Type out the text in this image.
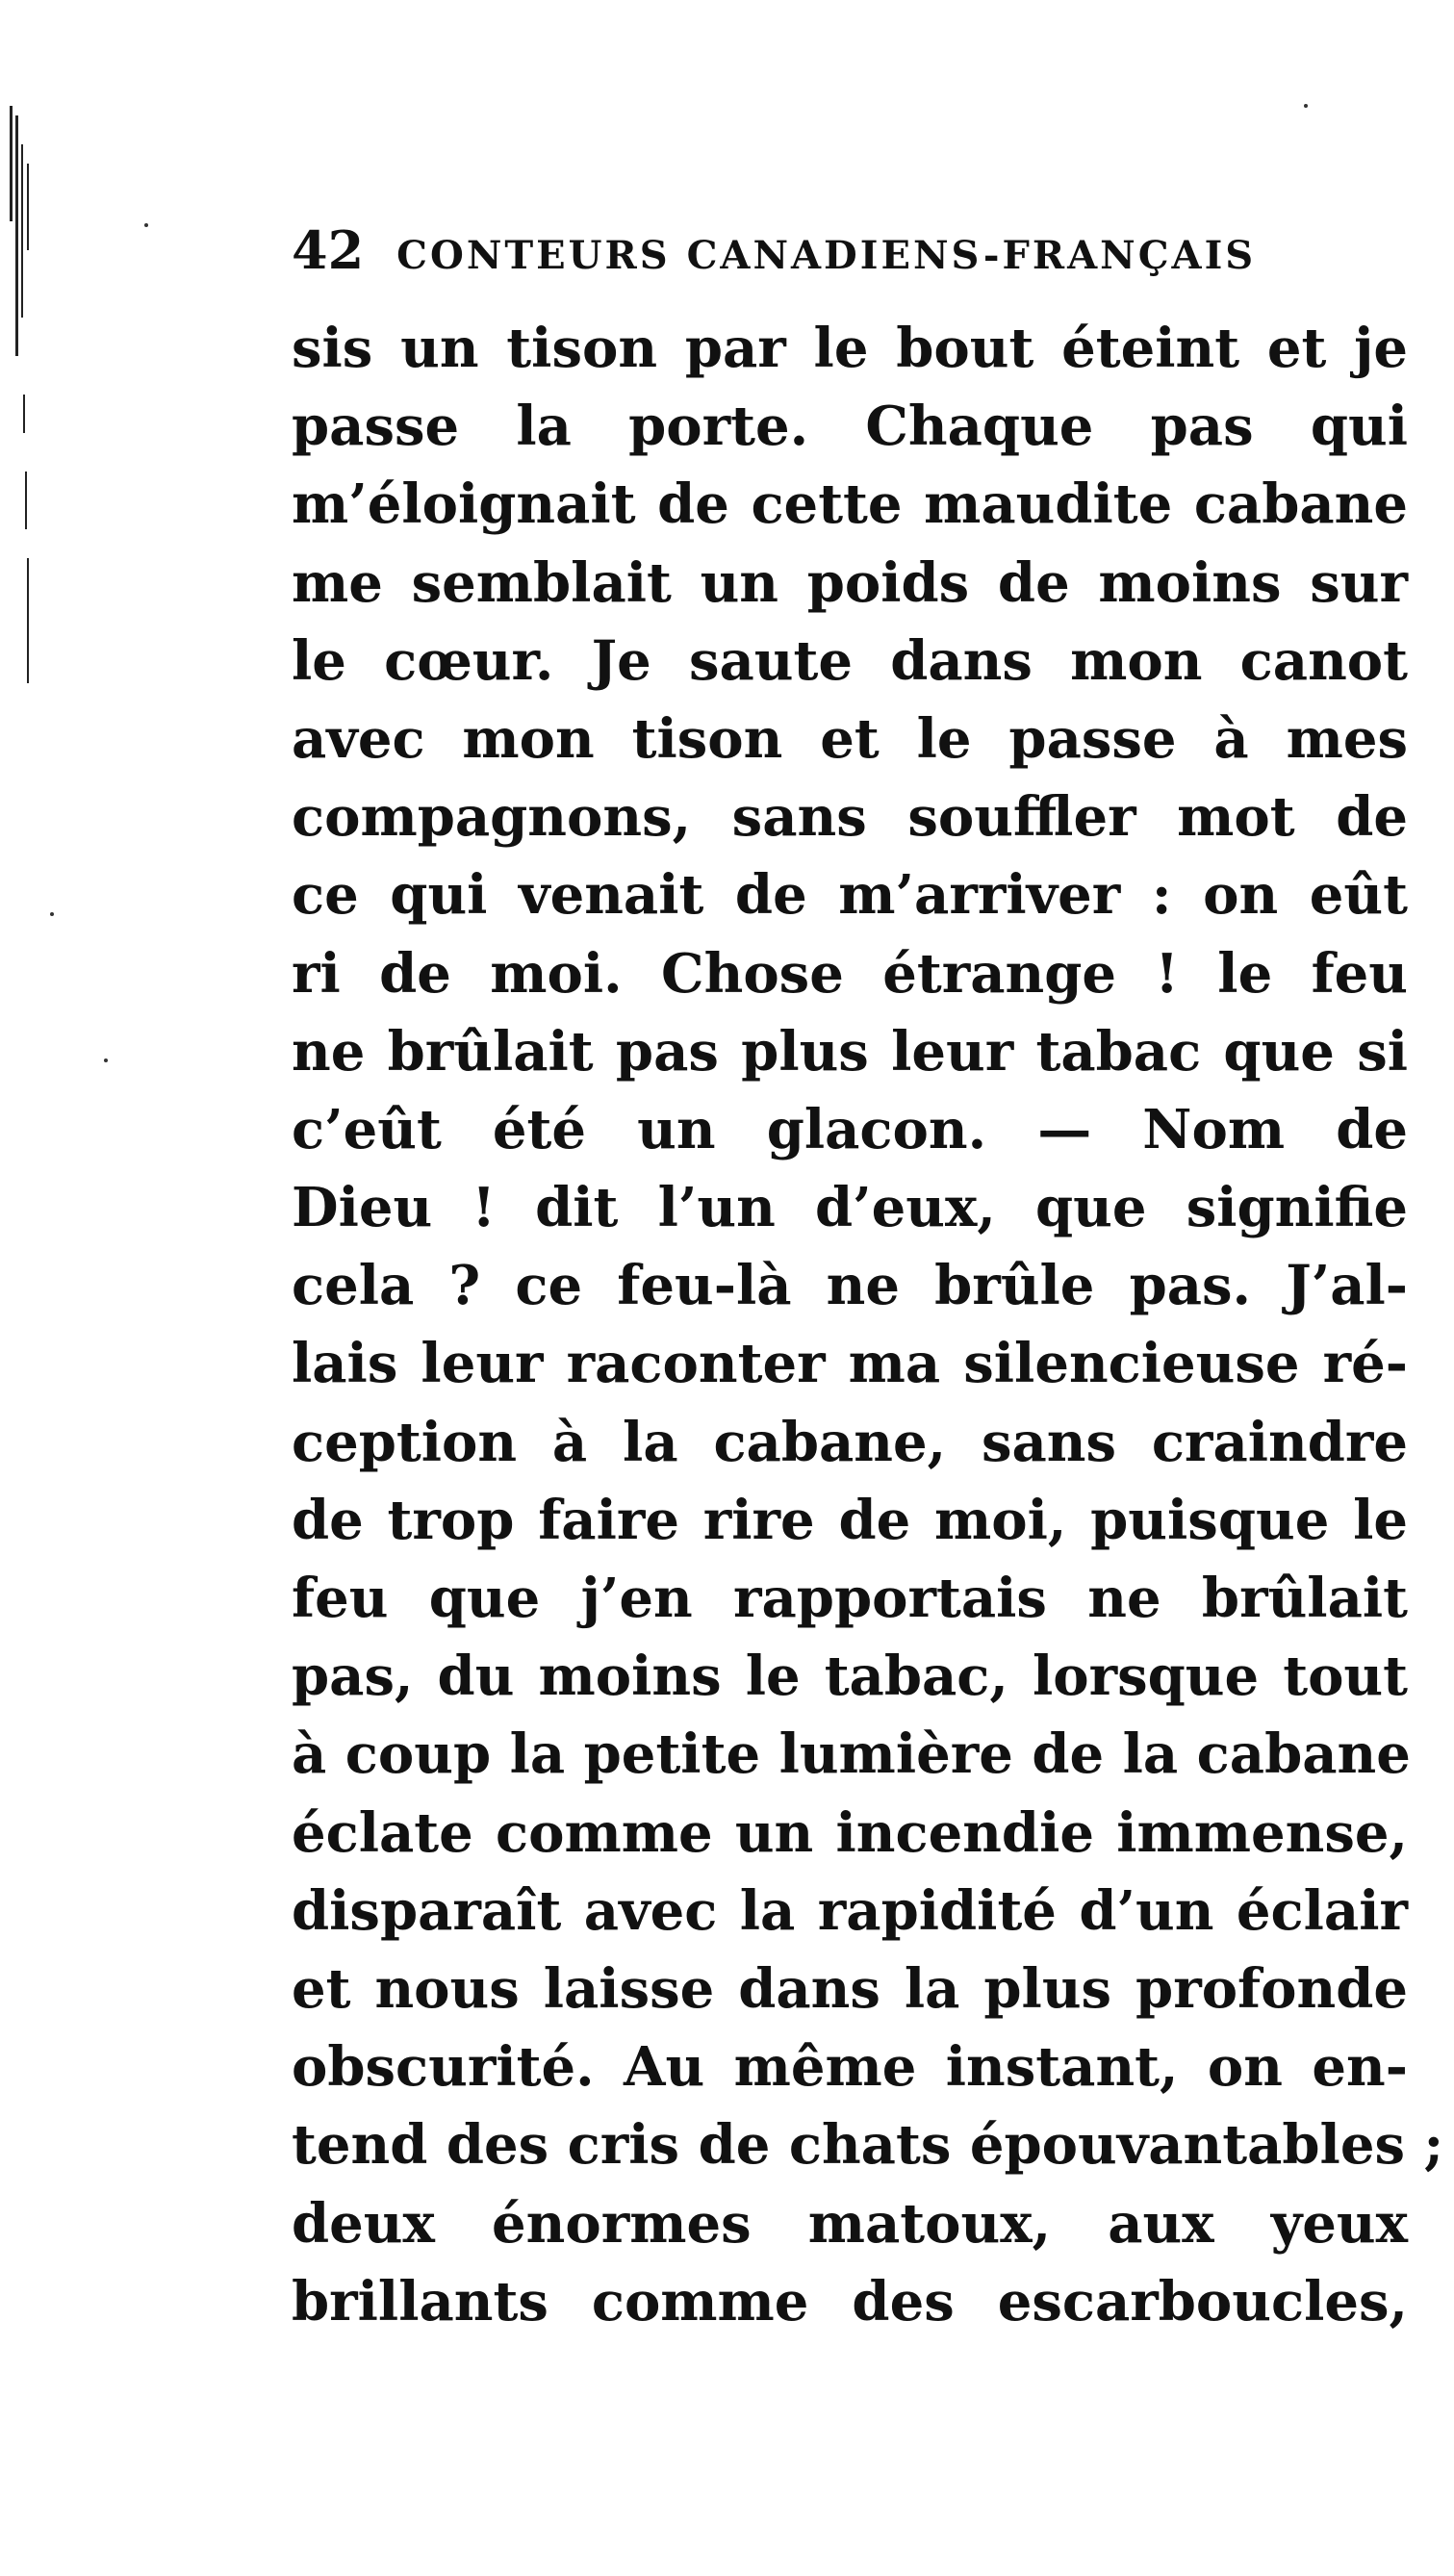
42 CONTEURS CANADIENS-FRANÇAIS
sis un tison par le bout éteint et je
passe la porte. Chaque pas qui
m’éloignait de cette maudite cabane
me semblait un poids de moins sur
le cœur. Je saute dans mon canot
avec mon tison et le passe à mes
compagnons, sans souffler mot de
ce qui venait de m’arriver : on eût
ri de moi. Chose étrange ! le feu
ne brûlait pas plus leur tabac que si
c’eût été un glacon. — Nom de
Dieu ! dit l’un d’eux, que signifie
cela ? ce feu-là ne brûle pas. J’al-
lais leur raconter ma silencieuse ré-
ception à la cabane, sans craindre
de trop faire rire de moi, puisque le
feu que j’en rapportais ne brûlait
pas, du moins le tabac, lorsque tout
à coup la petite lumière de la cabane
éclate comme un incendie immense,
disparaît avec la rapidité d’un éclair
et nous laisse dans la plus profonde
obscurité. Au même instant, on en-
tend des cris de chats épouvantables ;
deux énormes matoux, aux yeux
brillants comme des escarboucles,
